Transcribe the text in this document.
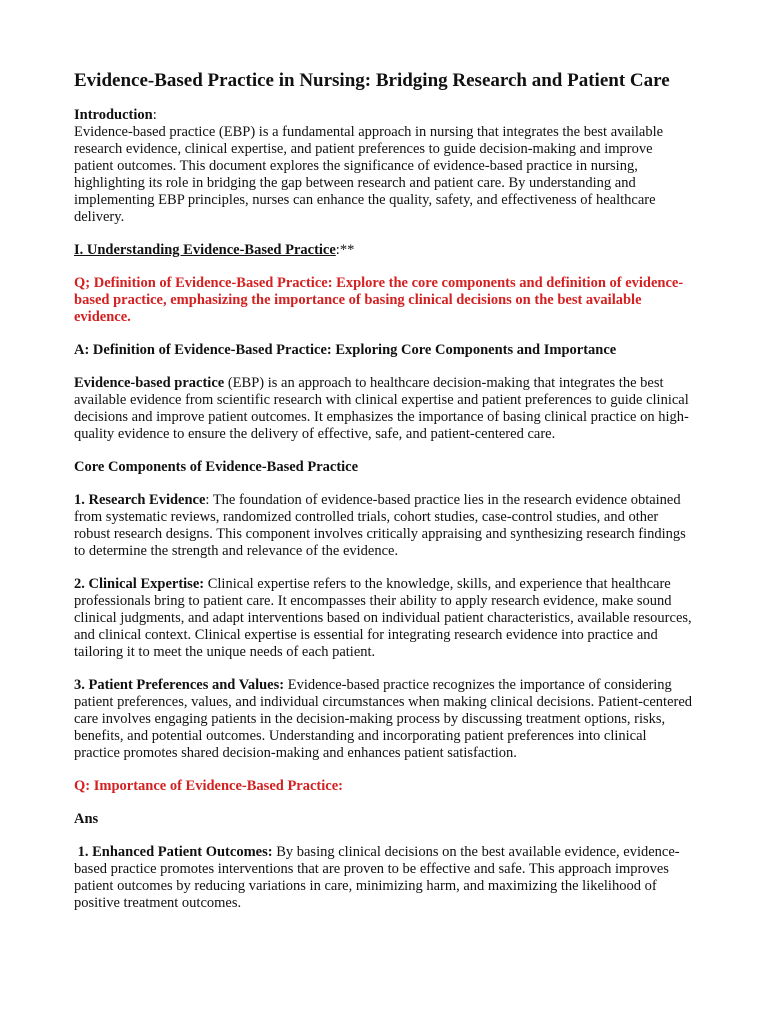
Evidence-Based Practice in Nursing: Bridging Research and Patient Care

Introduction:

Evidence-based practice (EBP) is a fundamental approach in nursing that integrates the best available research evidence, clinical expertise, and patient preferences to guide decision-making and improve patient outcomes. This document explores the significance of evidence-based practice in nursing, highlighting its role in bridging the gap between research and patient care. By understanding and implementing EBP principles, nurses can enhance the quality, safety, and effectiveness of healthcare delivery.

I. Understanding Evidence-Based Practice:**

Q; Definition of Evidence-Based Practice: Explore the core components and definition of evidence-based practice, emphasizing the importance of basing clinical decisions on the best available evidence.

A: Definition of Evidence-Based Practice: Exploring Core Components and Importance

Evidence-based practice (EBP) is an approach to healthcare decision-making that integrates the best available evidence from scientific research with clinical expertise and patient preferences to guide clinical decisions and improve patient outcomes. It emphasizes the importance of basing clinical practice on high-quality evidence to ensure the delivery of effective, safe, and patient-centered care.

Core Components of Evidence-Based Practice

1. Research Evidence: The foundation of evidence-based practice lies in the research evidence obtained from systematic reviews, randomized controlled trials, cohort studies, case-control studies, and other robust research designs. This component involves critically appraising and synthesizing research findings to determine the strength and relevance of the evidence.

2. Clinical Expertise: Clinical expertise refers to the knowledge, skills, and experience that healthcare professionals bring to patient care. It encompasses their ability to apply research evidence, make sound clinical judgments, and adapt interventions based on individual patient characteristics, available resources, and clinical context. Clinical expertise is essential for integrating research evidence into practice and tailoring it to meet the unique needs of each patient.

3. Patient Preferences and Values: Evidence-based practice recognizes the importance of considering patient preferences, values, and individual circumstances when making clinical decisions. Patient-centered care involves engaging patients in the decision-making process by discussing treatment options, risks, benefits, and potential outcomes. Understanding and incorporating patient preferences into clinical practice promotes shared decision-making and enhances patient satisfaction.

Q: Importance of Evidence-Based Practice:

Ans

1. Enhanced Patient Outcomes: By basing clinical decisions on the best available evidence, evidence-based practice promotes interventions that are proven to be effective and safe. This approach improves patient outcomes by reducing variations in care, minimizing harm, and maximizing the likelihood of positive treatment outcomes.
